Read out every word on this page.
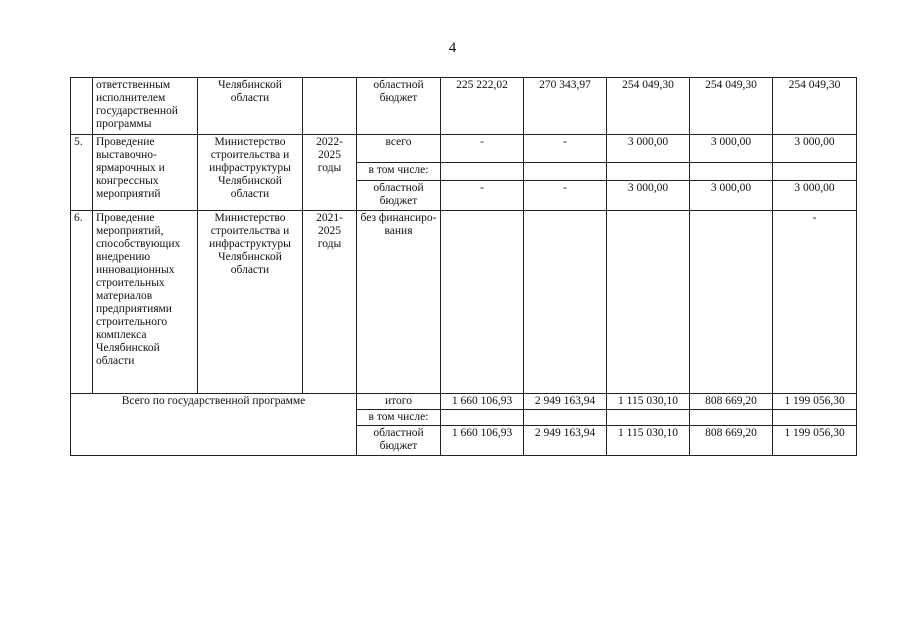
4
	ответственным исполнителем государственной программы	Челябинской области		областной бюджет	225 222,02	270 343,97	254 049,30	254 049,30	254 049,30
5.	Проведение выставочно-ярмарочных и конгрессных мероприятий	Министерство строительства и инфраструктуры Челябинской области	2022-2025 годы	всего	-	-	3 000,00	3 000,00	3 000,00
				в том числе:					
				областной бюджет	-	-	3 000,00	3 000,00	3 000,00
6.	Проведение мероприятий, способствующих внедрению инновационных строительных материалов предприятиями строительного комплекса Челябинской области	Министерство строительства и инфраструктуры Челябинской области	2021-2025 годы	без финансиро-вания					-
Всего по государственной программе				итого	1 660 106,93	2 949 163,94	1 115 030,10	808 669,20	1 199 056,30
				в том числе:					
				областной бюджет	1 660 106,93	2 949 163,94	1 115 030,10	808 669,20	1 199 056,30
